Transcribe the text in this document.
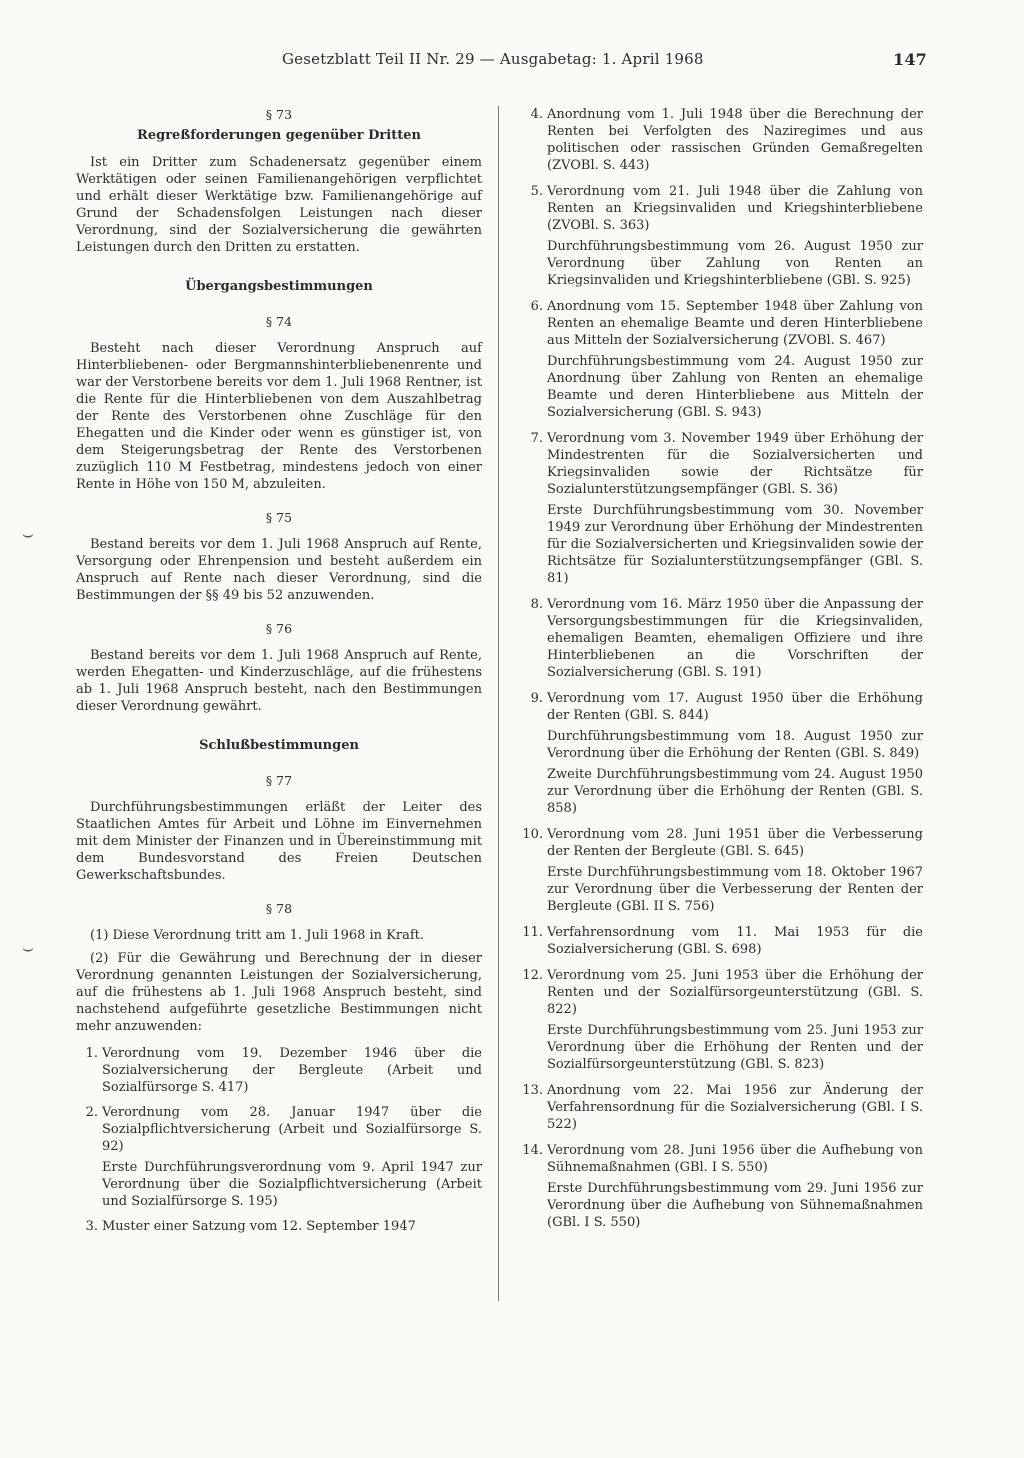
Gesetzblatt Teil II Nr. 29 — Ausgabetag: 1. April 1968	147
⌣
⌣

§ 73

Regreßforderungen gegenüber Dritten

Ist ein Dritter zum Schadenersatz gegenüber einem Werktätigen oder seinen Familienangehörigen verpflichtet und erhält dieser Werktätige bzw. Familienangehörige auf Grund der Schadensfolgen Leistungen nach dieser Verordnung, sind der Sozialversicherung die gewährten Leistungen durch den Dritten zu erstatten.

Übergangsbestimmungen

§ 74

Besteht nach dieser Verordnung Anspruch auf Hinterbliebenen- oder Bergmannshinterbliebenenrente und war der Verstorbene bereits vor dem 1. Juli 1968 Rentner, ist die Rente für die Hinterbliebenen von dem Auszahlbetrag der Rente des Verstorbenen ohne Zuschläge für den Ehegatten und die Kinder oder wenn es günstiger ist, von dem Steigerungsbetrag der Rente des Verstorbenen zuzüglich 110 M Festbetrag, mindestens jedoch von einer Rente in Höhe von 150 M, abzuleiten.

§ 75

Bestand bereits vor dem 1. Juli 1968 Anspruch auf Rente, Versorgung oder Ehrenpension und besteht außerdem ein Anspruch auf Rente nach dieser Verordnung, sind die Bestimmungen der §§ 49 bis 52 anzuwenden.

§ 76

Bestand bereits vor dem 1. Juli 1968 Anspruch auf Rente, werden Ehegatten- und Kinderzuschläge, auf die frühestens ab 1. Juli 1968 Anspruch besteht, nach den Bestimmungen dieser Verordnung gewährt.

Schlußbestimmungen

§ 77

Durchführungsbestimmungen erläßt der Leiter des Staatlichen Amtes für Arbeit und Löhne im Einvernehmen mit dem Minister der Finanzen und in Übereinstimmung mit dem Bundesvorstand des Freien Deutschen Gewerkschaftsbundes.

§ 78

(1) Diese Verordnung tritt am 1. Juli 1968 in Kraft.

(2) Für die Gewährung und Berechnung der in dieser Verordnung genannten Leistungen der Sozialversicherung, auf die frühestens ab 1. Juli 1968 Anspruch besteht, sind nachstehend aufgeführte gesetzliche Bestimmungen nicht mehr anzuwenden:

1. Verordnung vom 19. Dezember 1946 über die Sozialversicherung der Bergleute (Arbeit und Sozialfürsorge S. 417)
2. Verordnung vom 28. Januar 1947 über die Sozialpflichtversicherung (Arbeit und Sozialfürsorge S. 92)
Erste Durchführungsverordnung vom 9. April 1947 zur Verordnung über die Sozialpflichtversicherung (Arbeit und Sozialfürsorge S. 195)
3. Muster einer Satzung vom 12. September 1947
4. Anordnung vom 1. Juli 1948 über die Berechnung der Renten bei Verfolgten des Naziregimes und aus politischen oder rassischen Gründen Gemaßregelten (ZVOBl. S. 443)
5. Verordnung vom 21. Juli 1948 über die Zahlung von Renten an Kriegsinvaliden und Kriegshinterbliebene (ZVOBl. S. 363)
Durchführungsbestimmung vom 26. August 1950 zur Verordnung über Zahlung von Renten an Kriegsinvaliden und Kriegshinterbliebene (GBl. S. 925)
6. Anordnung vom 15. September 1948 über Zahlung von Renten an ehemalige Beamte und deren Hinterbliebene aus Mitteln der Sozialversicherung (ZVOBl. S. 467)
Durchführungsbestimmung vom 24. August 1950 zur Anordnung über Zahlung von Renten an ehemalige Beamte und deren Hinterbliebene aus Mitteln der Sozialversicherung (GBl. S. 943)
7. Verordnung vom 3. November 1949 über Erhöhung der Mindestrenten für die Sozialversicherten und Kriegsinvaliden sowie der Richtsätze für Sozialunterstützungsempfänger (GBl. S. 36)
Erste Durchführungsbestimmung vom 30. November 1949 zur Verordnung über Erhöhung der Mindestrenten für die Sozialversicherten und Kriegsinvaliden sowie der Richtsätze für Sozialunterstützungsempfänger (GBl. S. 81)
8. Verordnung vom 16. März 1950 über die Anpassung der Versorgungsbestimmungen für die Kriegsinvaliden, ehemaligen Beamten, ehemaligen Offiziere und ihre Hinterbliebenen an die Vorschriften der Sozialversicherung (GBl. S. 191)
9. Verordnung vom 17. August 1950 über die Erhöhung der Renten (GBl. S. 844)
Durchführungsbestimmung vom 18. August 1950 zur Verordnung über die Erhöhung der Renten (GBl. S. 849)
Zweite Durchführungsbestimmung vom 24. August 1950 zur Verordnung über die Erhöhung der Renten (GBl. S. 858)
10. Verordnung vom 28. Juni 1951 über die Verbesserung der Renten der Bergleute (GBl. S. 645)
Erste Durchführungsbestimmung vom 18. Oktober 1967 zur Verordnung über die Verbesserung der Renten der Bergleute (GBl. II S. 756)
11. Verfahrensordnung vom 11. Mai 1953 für die Sozialversicherung (GBl. S. 698)
12. Verordnung vom 25. Juni 1953 über die Erhöhung der Renten und der Sozialfürsorgeunterstützung (GBl. S. 822)
Erste Durchführungsbestimmung vom 25. Juni 1953 zur Verordnung über die Erhöhung der Renten und der Sozialfürsorgeunterstützung (GBl. S. 823)
13. Anordnung vom 22. Mai 1956 zur Änderung der Verfahrensordnung für die Sozialversicherung (GBl. I S. 522)
14. Verordnung vom 28. Juni 1956 über die Aufhebung von Sühnemaßnahmen (GBl. I S. 550)
Erste Durchführungsbestimmung vom 29. Juni 1956 zur Verordnung über die Aufhebung von Sühnemaßnahmen (GBl. I S. 550)
